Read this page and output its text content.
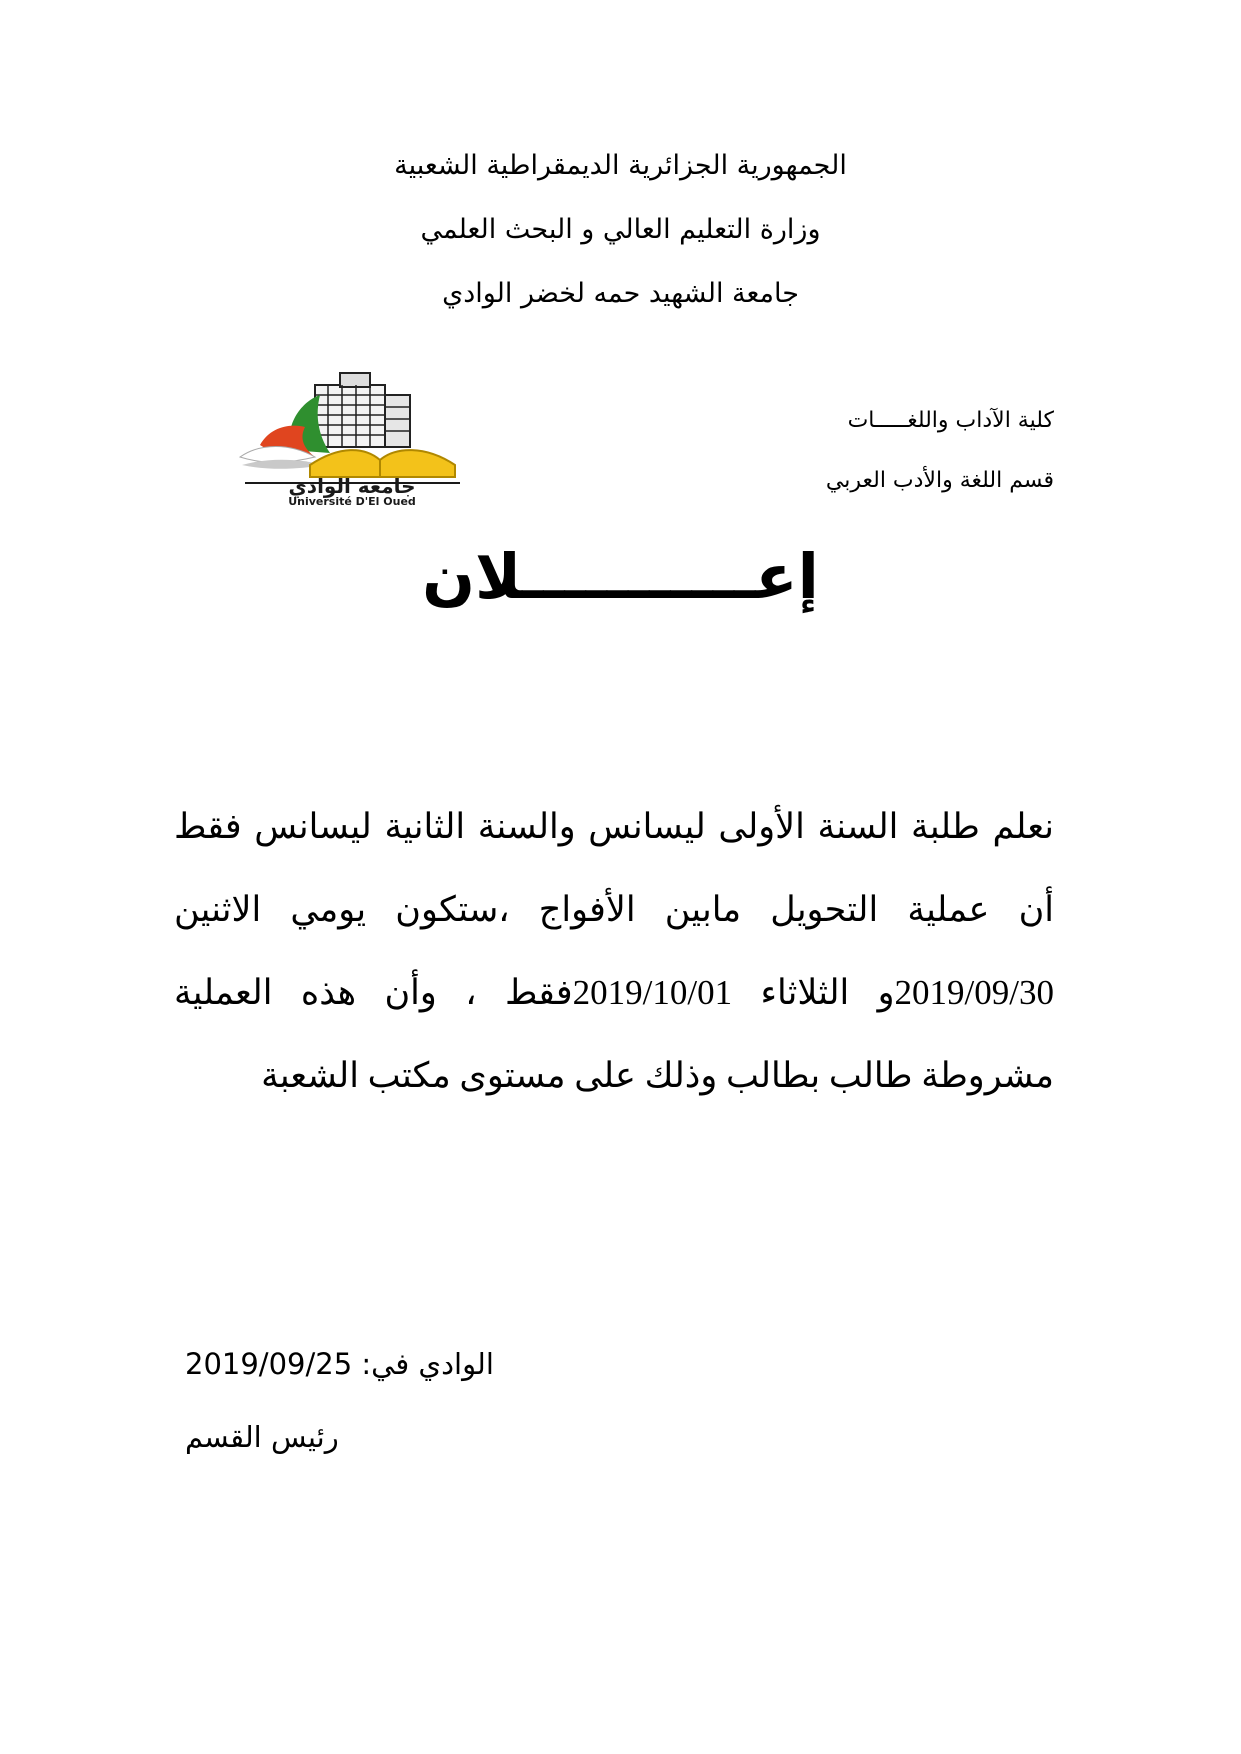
الجمهورية الجزائرية الديمقراطية الشعبية
وزارة التعليم العالي و البحث العلمي
جامعة الشهيد حمه لخضر الوادي
كلية الآداب واللغـــــات
قسم اللغة والأدب العربي
جامعة الوادي
Université D'El Oued
إعـــــــــــلان
نعلم طلبة السنة الأولى ليسانس والسنة الثانية ليسانس فقط أن عملية التحويل مابين الأفواج ،ستكون يومي الاثنين 2019/09/30و الثلاثاء 2019/10/01فقط ، وأن هذه العملية مشروطة طالب بطالب وذلك على مستوى مكتب الشعبة
الوادي في: 2019/09/25
رئيس القسم
